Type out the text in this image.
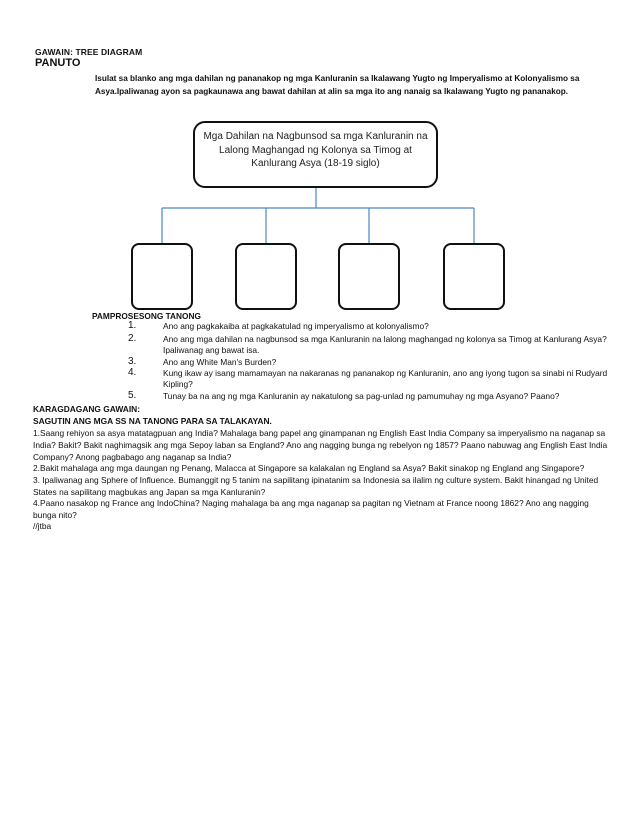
GAWAIN: TREE DIAGRAM
PANUTO
Isulat sa blanko ang mga dahilan ng pananakop ng mga Kanluranin sa Ikalawang Yugto ng Imperyalismo at Kolonyalismo sa Asya.Ipaliwanag ayon sa pagkaunawa ang bawat dahilan at alin sa mga ito ang nanaig sa Ikalawang Yugto ng pananakop.
Mga Dahilan na Nagbunsod sa mga Kanluranin na Lalong Maghangad ng Kolonya sa Timog at Kanlurang Asya (18-19 siglo)
PAMPROSESONG TANONG
1.	Ano ang pagkakaiba at pagkakatulad ng imperyalismo at kolonyalismo?
2.	Ano ang mga dahilan na nagbunsod sa mga Kanluranin na lalong maghangad ng kolonya sa Timog at Kanlurang Asya? Ipaliwanag ang bawat isa.
3.	Ano ang White Man's Burden?
4.	Kung ikaw ay isang mamamayan na nakaranas ng pananakop ng Kanluranin, ano ang iyong tugon sa sinabi ni Rudyard Kipling?
5.	Tunay ba na ang ng mga Kanluranin ay nakatulong sa pag-unlad ng pamumuhay ng mga Asyano? Paano?
KARAGDAGANG GAWAIN:
SAGUTIN ANG MGA SS NA TANONG PARA SA TALAKAYAN.
1.Saang rehiyon sa asya matatagpuan ang India? Mahalaga bang papel ang ginampanan ng English East India Company sa imperyalismo na naganap sa
India? Bakit? Bakit naghimagsik ang mga Sepoy laban sa England? Ano ang nagging bunga ng rebelyon ng 1857? Paano nabuwag ang English East India
Company? Anong pagbabago ang naganap sa India?
2.Bakit mahalaga ang mga daungan ng Penang, Malacca at Singapore sa kalakalan ng England sa Asya? Bakit sinakop ng England ang Singapore?
3. Ipaliwanag ang Sphere of Influence. Bumanggit ng 5 tanim na sapilitang ipinatanim sa Indonesia sa ilalim ng culture system. Bakit hinangad ng United
States na sapilitang magbukas ang Japan sa mga Kanluranin?
4.Paano nasakop ng France ang IndoChina? Naging mahalaga ba ang mga naganap sa pagitan ng Vietnam at France noong 1862? Ano ang nagging
bunga nito?
//jtba
